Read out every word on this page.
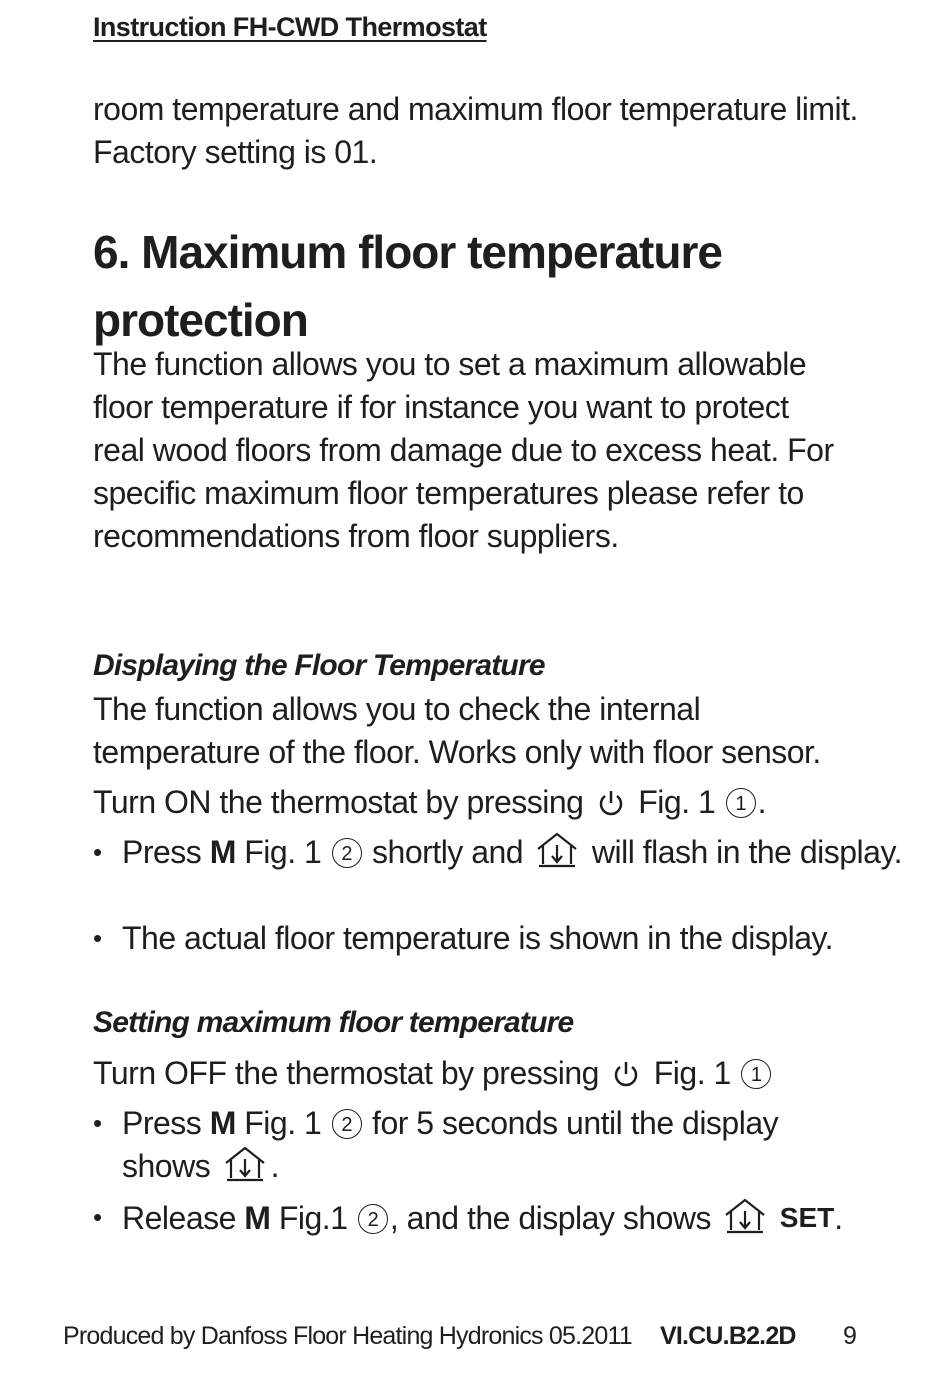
Instruction FH-CWD Thermostat
room temperature and maximum floor temperature limit. Factory setting is 01.
6. Maximum floor temperature protection
The function allows you to set a maximum allowable floor temperature if for instance you want to protect real wood floors from damage due to excess heat. For specific maximum floor temperatures please refer to recommendations from floor suppliers.
Displaying the Floor Temperature
The function allows you to check the internal temperature of the floor. Works only with floor sensor.
Turn ON the thermostat by pressing Fig. 1 1 .
• Press M Fig. 1 2 shortly and will flash in the display.
• The actual floor temperature is shown in the display.
Setting maximum floor temperature
Turn OFF the thermostat by pressing Fig. 1 1
• Press M Fig. 1 2 for 5 seconds until the display shows .
• Release M Fig.1 2 , and the display shows SET.
Produced by Danfoss Floor Heating Hydronics 05.2011 VI.CU.B2.2D 9
